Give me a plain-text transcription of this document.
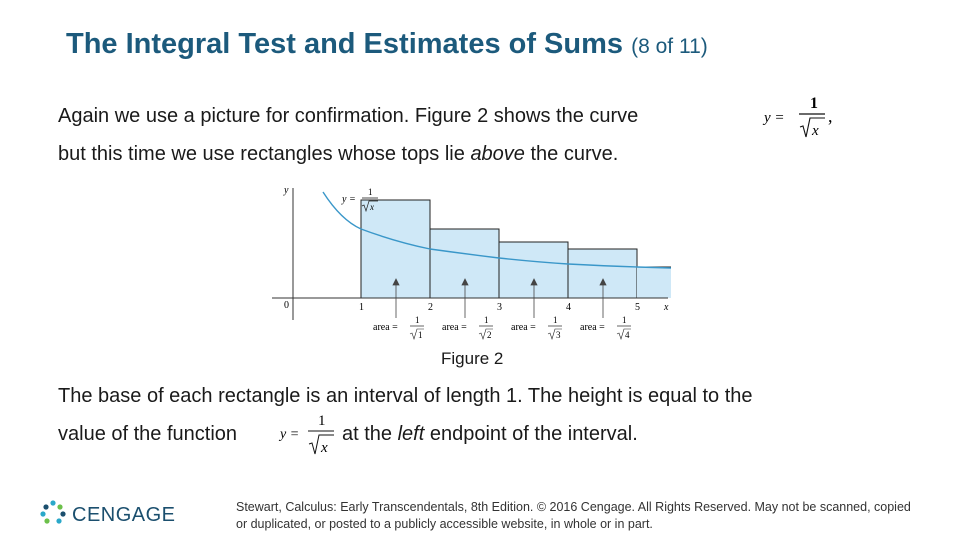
The Integral Test and Estimates of Sums (8 of 11)
Again we use a picture for confirmation. Figure 2 shows the curve	y =
1
x
,
but this time we use rectangles whose tops lie above the curve.
y
x
0	1	2	3	4	5
y =
1
x
area =
1
1
area =
1
2
area =
1
3
area =
1
4
Figure 2
The base of each rectangle is an interval of length 1. The height is equal to the
value of the function	y =
1
x
at the left endpoint of the interval.
CENGAGE	Stewart, Calculus: Early Transcendentals, 8th Edition. © 2016 Cengage. All Rights Reserved. May not be scanned, copied or duplicated, or posted to a publicly accessible website, in whole or in part.
